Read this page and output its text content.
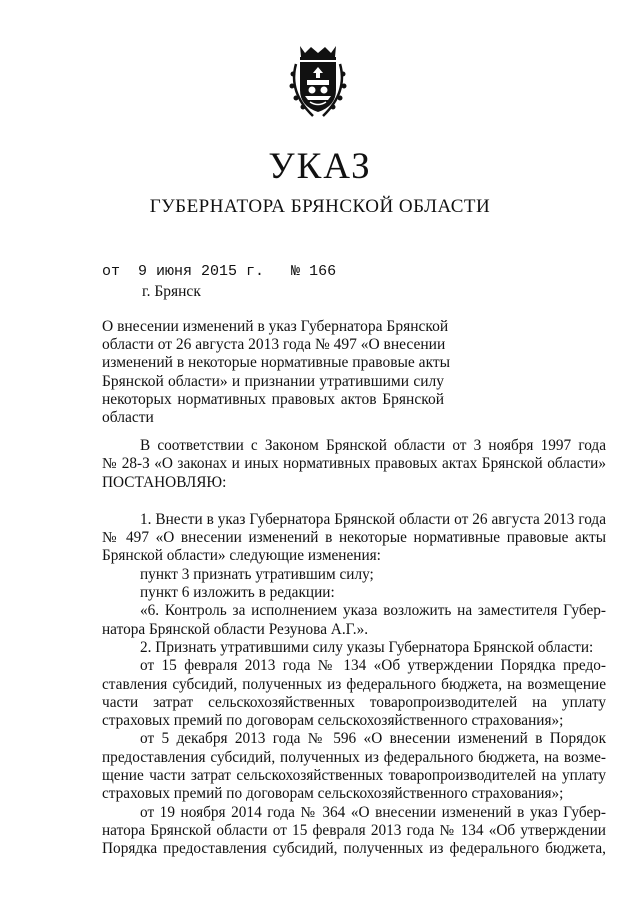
УКАЗ
ГУБЕРНАТОРА БРЯНСКОЙ ОБЛАСТИ
от 9 июня 2015 г. № 166
г. Брянск
О внесении изменений в указ Губернатора Брянской
области от 26 августа 2013 года № 497 «О внесении
изменений в некоторые нормативные правовые акты
Брянской области» и признании утратившими силу
некоторых нормативных правовых актов Брянской
области
В соответствии с Законом Брянской области от 3 ноября 1997 года
№ 28-З «О законах и иных нормативных правовых актах Брянской области»
ПОСТАНОВЛЯЮ:
1. Внести в указ Губернатора Брянской области от 26 августа 2013 года
№ 497 «О внесении изменений в некоторые нормативные правовые акты
Брянской области» следующие изменения:
пункт 3 признать утратившим силу;
пункт 6 изложить в редакции:
«6. Контроль за исполнением указа возложить на заместителя Губер-
натора Брянской области Резунова А.Г.».
2. Признать утратившими силу указы Губернатора Брянской области:
от 15 февраля 2013 года № 134 «Об утверждении Порядка предо-
ставления субсидий, полученных из федерального бюджета, на возмещение
части затрат сельскохозяйственных товаропроизводителей на уплату
страховых премий по договорам сельскохозяйственного страхования»;
от 5 декабря 2013 года № 596 «О внесении изменений в Порядок
предоставления субсидий, полученных из федерального бюджета, на возме-
щение части затрат сельскохозяйственных товаропроизводителей на уплату
страховых премий по договорам сельскохозяйственного страхования»;
от 19 ноября 2014 года № 364 «О внесении изменений в указ Губер-
натора Брянской области от 15 февраля 2013 года № 134 «Об утверждении
Порядка предоставления субсидий, полученных из федерального бюджета,
